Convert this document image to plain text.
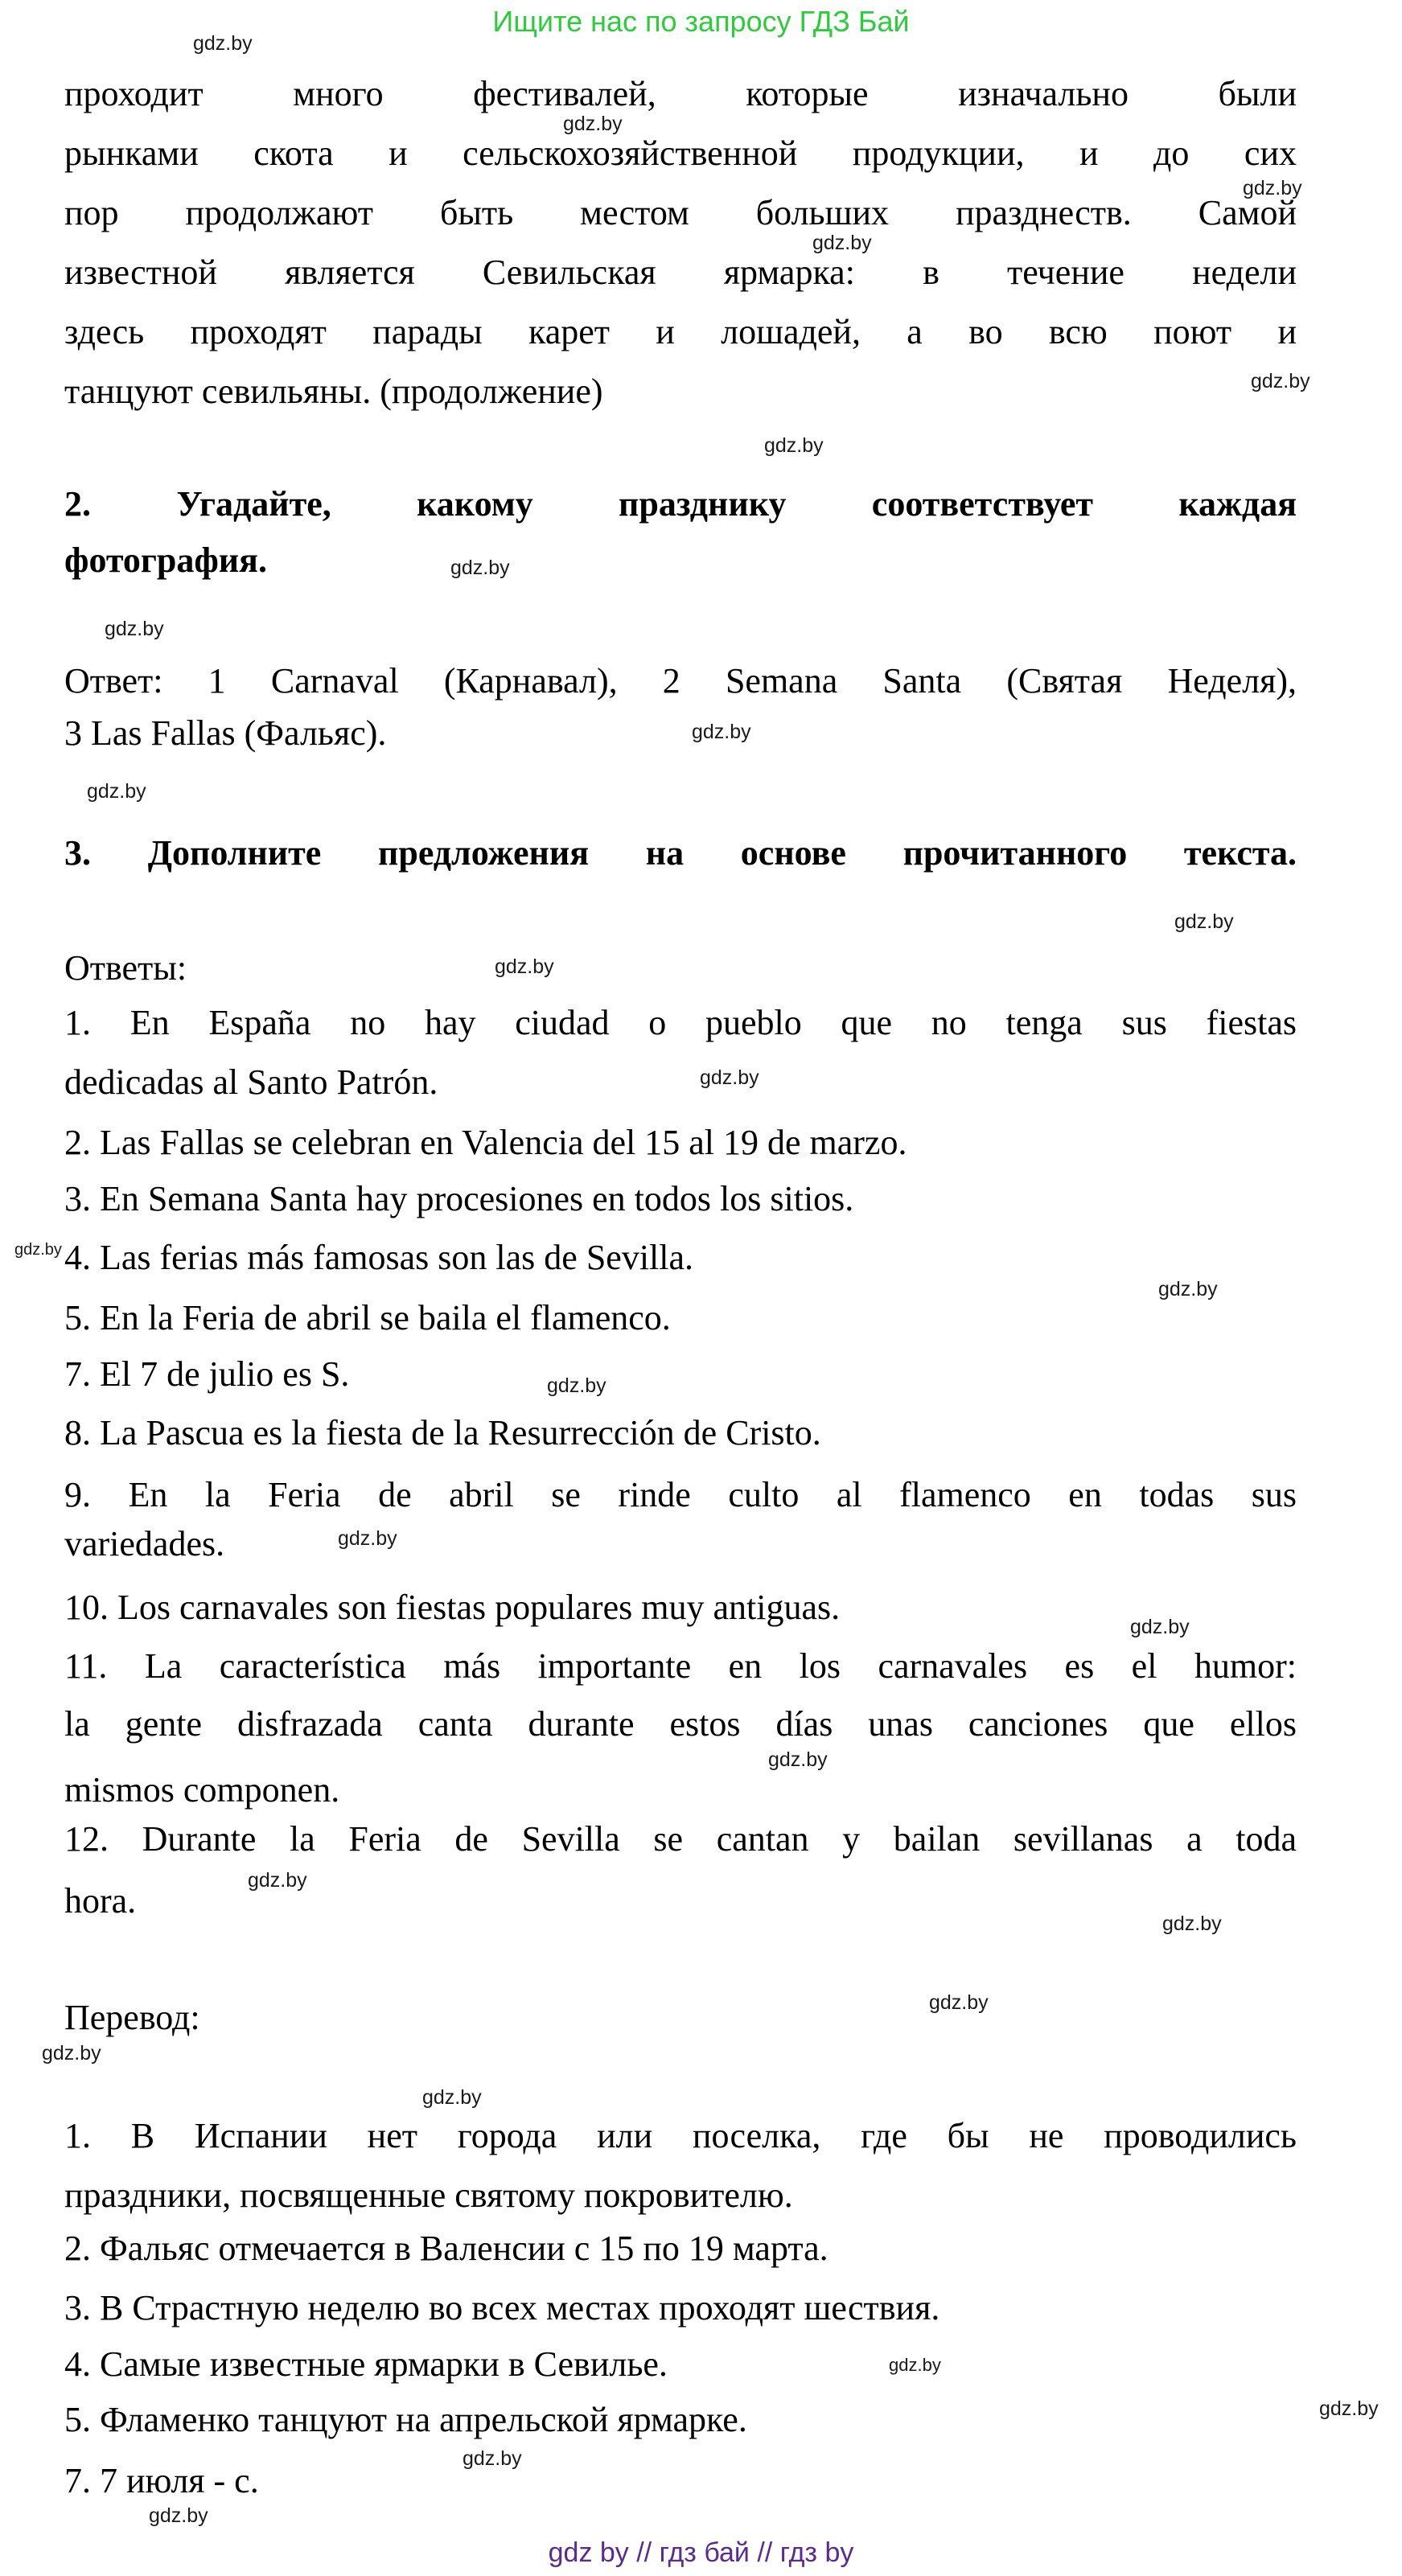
Ищите нас по запросу ГДЗ Бай
проходит много фестивалей, которые изначально были
рынками скота и сельскохозяйственной продукции, и до сих
пор продолжают быть местом больших празднеств. Самой
известной является Севильская ярмарка: в течение недели
здесь проходят парады карет и лошадей, а во всю поют и
танцуют севильяны. (продолжение)
2. Угадайте, какому празднику соответствует каждая
фотография.
Ответ: 1 Carnaval (Карнавал), 2 Semana Santa (Святая Неделя),
3 Las Fallas (Фальяс).
3. Дополните предложения на основе прочитанного текста.
Ответы:
1. En España no hay ciudad o pueblo que no tenga sus fiestas
dedicadas al Santo Patrón.
2. Las Fallas se celebran en Valencia del 15 al 19 de marzo.
3. En Semana Santa hay procesiones en todos los sitios.
4. Las ferias más famosas son las de Sevilla.
5. En la Feria de abril se baila el flamenco.
7. El 7 de julio es S.
8. La Pascua es la fiesta de la Resurrección de Cristo.
9. En la Feria de abril se rinde culto al flamenco en todas sus
variedades.
10. Los carnavales son fiestas populares muy antiguas.
11. La característica más importante en los carnavales es el humor:
la gente disfrazada canta durante estos días unas canciones que ellos
mismos componen.
12. Durante la Feria de Sevilla se cantan y bailan sevillanas a toda
hora.
Перевод:
1. В Испании нет города или поселка, где бы не проводились
праздники, посвященные святому покровителю.
2. Фальяс отмечается в Валенсии с 15 по 19 марта.
3. В Страстную неделю во всех местах проходят шествия.
4. Самые известные ярмарки в Севилье.
5. Фламенко танцуют на апрельской ярмарке.
7. 7 июля - с.
gdz.by
gdz.by
gdz.by
gdz.by
gdz.by
gdz.by
gdz.by
gdz.by
gdz.by
gdz.by
gdz.by
gdz.by
gdz.by
gdz.by
gdz.by
gdz.by
gdz.by
gdz.by
gdz.by
gdz.by
gdz.by
gdz.by
gdz.by
gdz.by
gdz.by
gdz.by
gdz.by
gdz.by
gdz by // гдз бай // гдз by
